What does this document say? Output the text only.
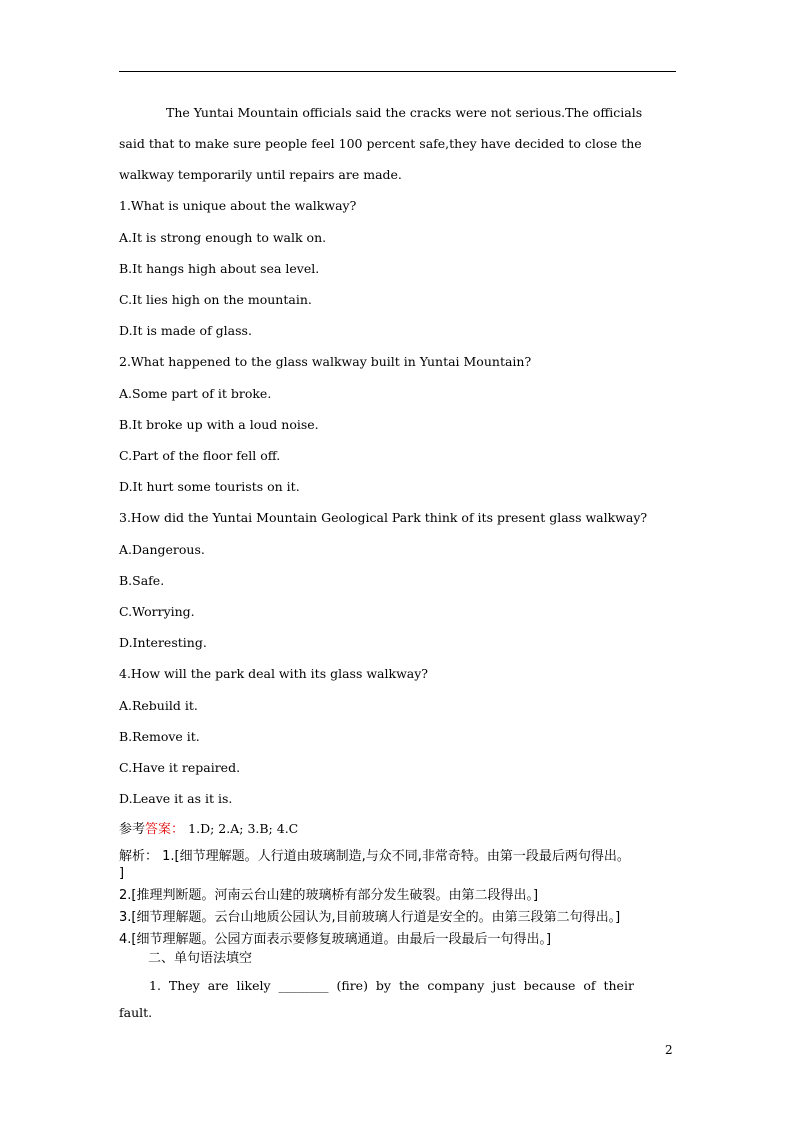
The Yuntai Mountain officials said the cracks were not serious.The officials
said that to make sure people feel 100 percent safe,they have decided to close the
walkway temporarily until repairs are made.
1.What is unique about the walkway?
A.It is strong enough to walk on.
B.It hangs high about sea level.
C.It lies high on the mountain.
D.It is made of glass.
2.What happened to the glass walkway built in Yuntai Mountain?
A.Some part of it broke.
B.It broke up with a loud noise.
C.Part of the floor fell off.
D.It hurt some tourists on it.
3.How did the Yuntai Mountain Geological Park think of its present glass walkway?
A.Dangerous.
B.Safe.
C.Worrying.
D.Interesting.
4.How will the park deal with its glass walkway?
A.Rebuild it.
B.Remove it.
C.Have it repaired.
D.Leave it as it is.
参考答案： 1.D; 2.A; 3.B; 4.C
解析： 1.[细节理解题。人行道由玻璃制造,与众不同,非常奇特。由第一段最后两句得出。
]
2.[推理判断题。河南云台山建的玻璃桥有部分发生破裂。由第二段得出。]
3.[细节理解题。云台山地质公园认为,目前玻璃人行道是安全的。由第三段第二句得出。]
4.[细节理解题。公园方面表示要修复玻璃通道。由最后一段最后一句得出。]
二、单句语法填空
1. They are likely ________ (fire) by the company just because of their
fault.
2
